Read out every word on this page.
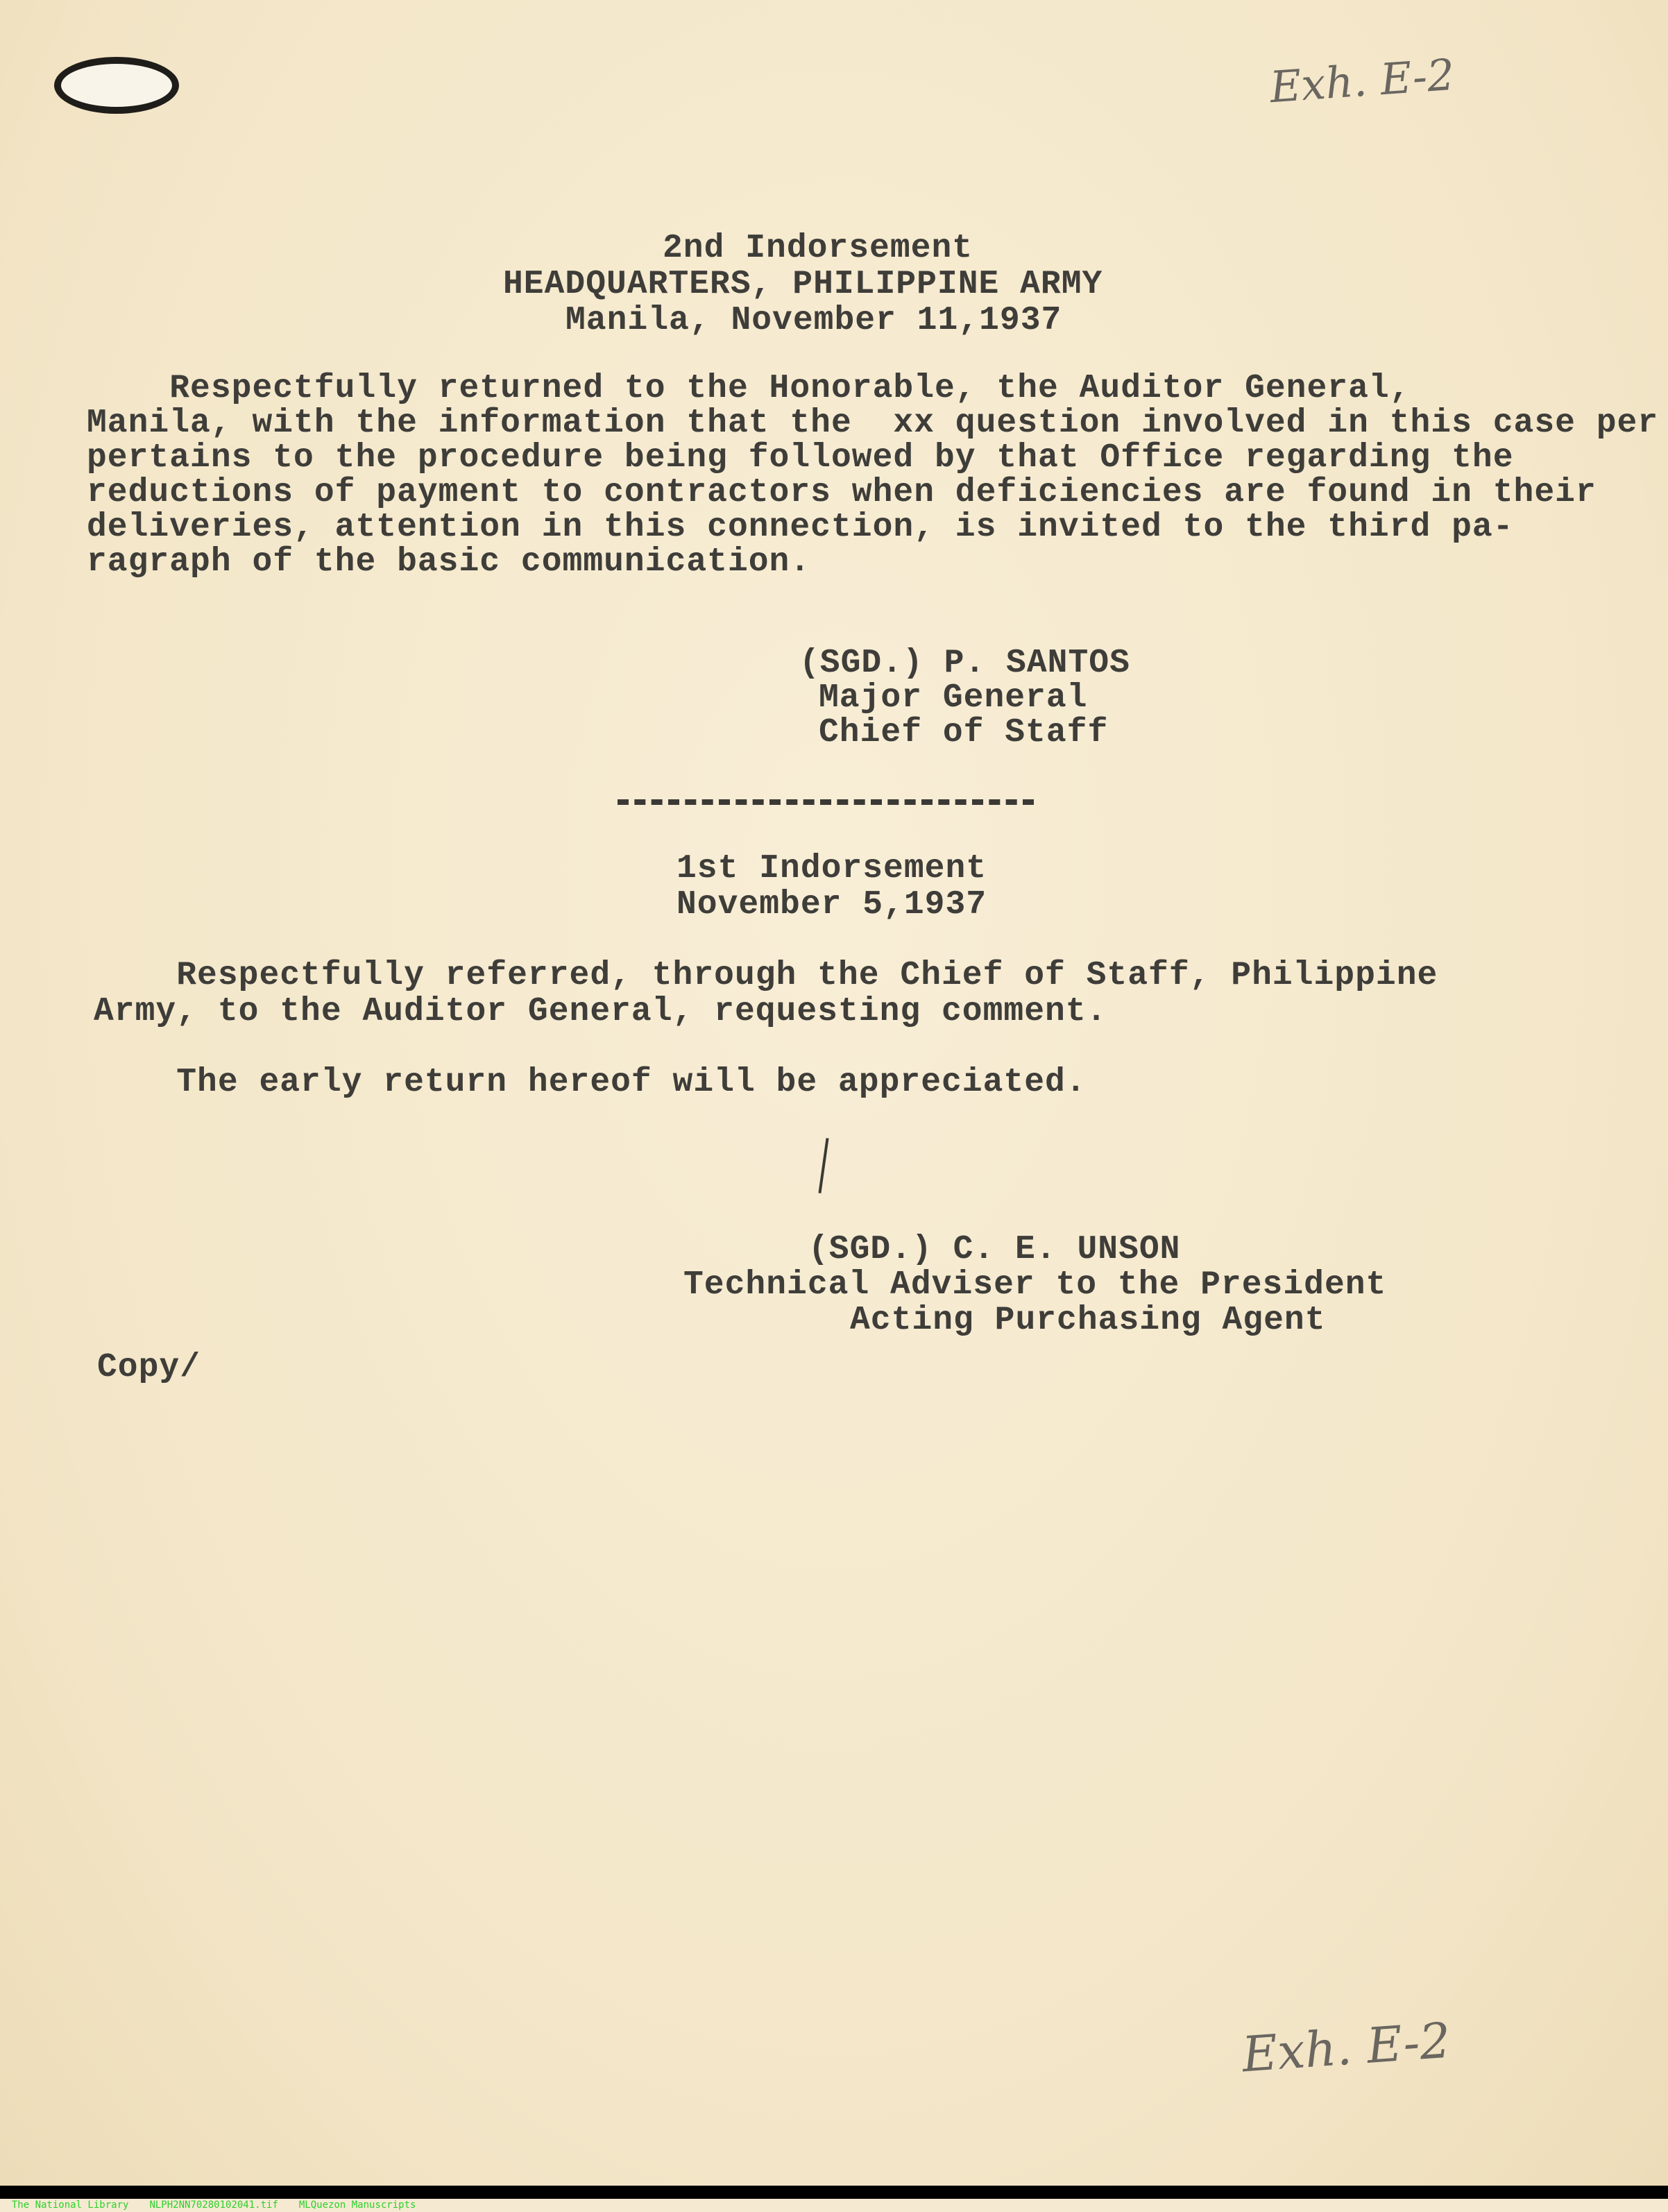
Exh. E-2
2nd Indorsement
HEADQUARTERS, PHILIPPINE ARMY
Manila, November 11,1937
Respectfully returned to the Honorable, the Auditor General,
Manila, with the information that the  xx question involved in this case per
pertains to the procedure being followed by that Office regarding the
reductions of payment to contractors when deficiencies are found in their
deliveries, attention in this connection, is invited to the third pa-
ragraph of the basic communication.
(SGD.) P. SANTOS
Major General
Chief of Staff
1st Indorsement
November 5,1937
Respectfully referred, through the Chief of Staff, Philippine
Army, to the Auditor General, requesting comment.
The early return hereof will be appreciated.
(SGD.) C. E. UNSON
Technical Adviser to the President
Acting Purchasing Agent
Copy/
Exh. E-2

The National Library NLPH2NN70280102041.tif MLQuezon Manuscripts
